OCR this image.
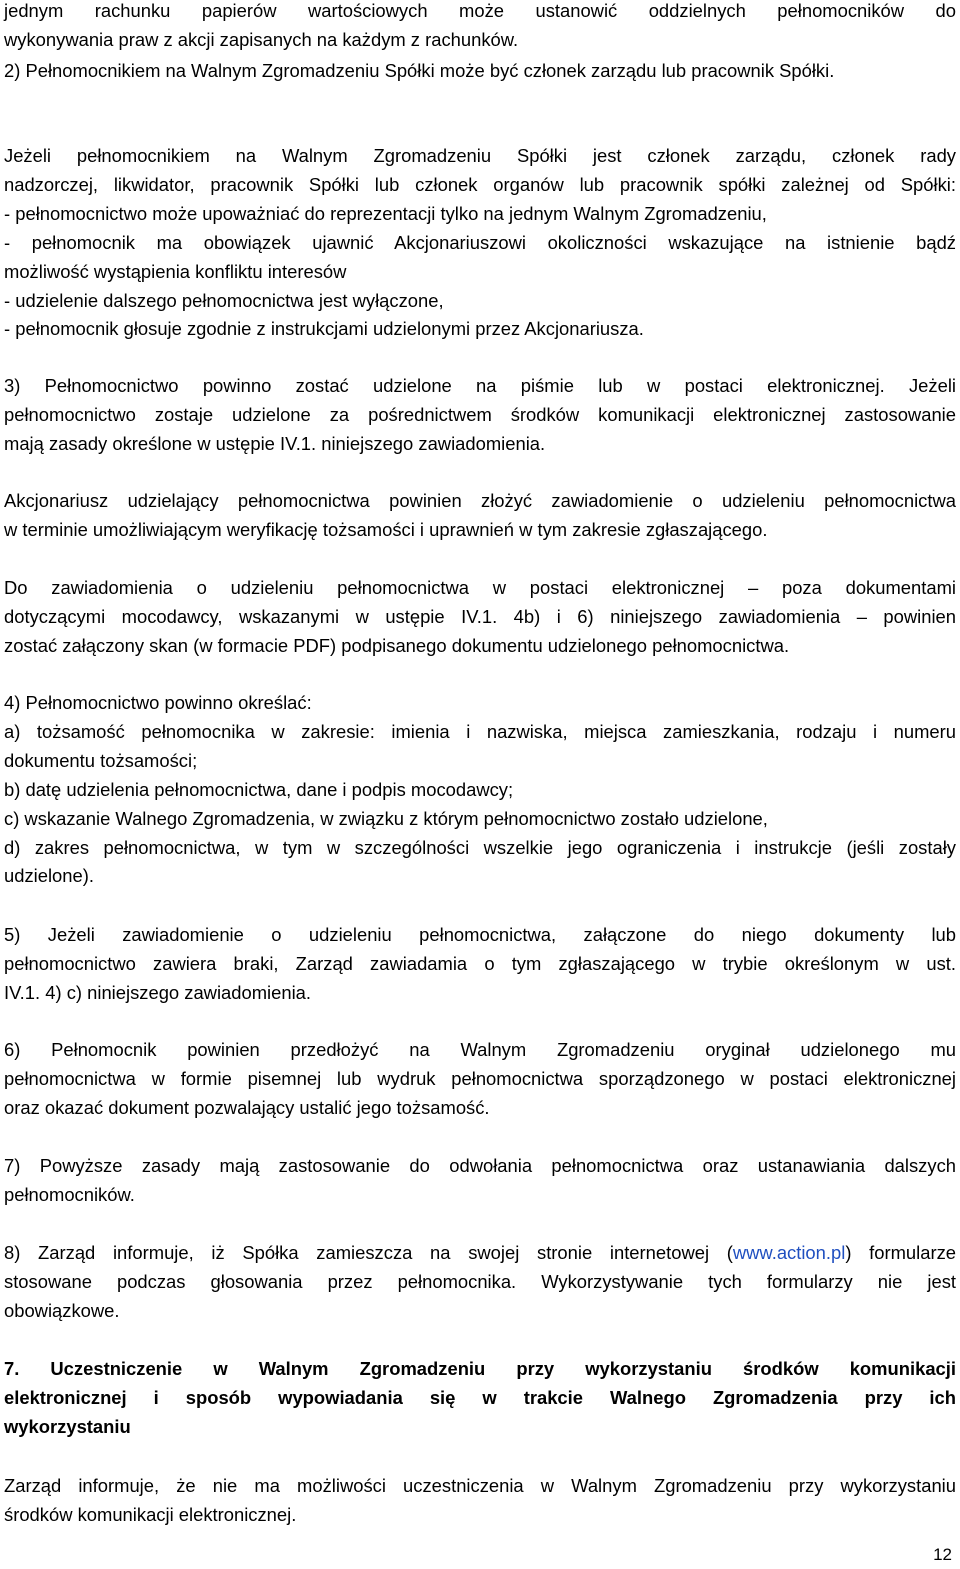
jednym rachunku papierów wartościowych może ustanowić oddzielnych pełnomocników do
wykonywania praw z akcji zapisanych na każdym z rachunków.

2) Pełnomocnikiem na Walnym Zgromadzeniu Spółki może być członek zarządu lub pracownik Spółki.

Jeżeli pełnomocnikiem na Walnym Zgromadzeniu Spółki jest członek zarządu, członek rady
nadzorczej, likwidator, pracownik Spółki lub członek organów lub pracownik spółki zależnej od Spółki:
- pełnomocnictwo może upoważniać do reprezentacji tylko na jednym Walnym Zgromadzeniu,
- pełnomocnik ma obowiązek ujawnić Akcjonariuszowi okoliczności wskazujące na istnienie bądź
możliwość wystąpienia konfliktu interesów
- udzielenie dalszego pełnomocnictwa jest wyłączone,
- pełnomocnik głosuje zgodnie z instrukcjami udzielonymi przez Akcjonariusza.

3) Pełnomocnictwo powinno zostać udzielone na piśmie lub w postaci elektronicznej. Jeżeli
pełnomocnictwo zostaje udzielone za pośrednictwem środków komunikacji elektronicznej zastosowanie
mają zasady określone w ustępie IV.1. niniejszego zawiadomienia.

Akcjonariusz udzielający pełnomocnictwa powinien złożyć zawiadomienie o udzieleniu pełnomocnictwa
w terminie umożliwiającym weryfikację tożsamości i uprawnień w tym zakresie zgłaszającego.

Do zawiadomienia o udzieleniu pełnomocnictwa w postaci elektronicznej – poza dokumentami
dotyczącymi mocodawcy, wskazanymi w ustępie IV.1. 4b) i 6) niniejszego zawiadomienia – powinien
zostać załączony skan (w formacie PDF) podpisanego dokumentu udzielonego pełnomocnictwa.

4) Pełnomocnictwo powinno określać:
a) tożsamość pełnomocnika w zakresie: imienia i nazwiska, miejsca zamieszkania, rodzaju i numeru
dokumentu tożsamości;
b) datę udzielenia pełnomocnictwa, dane i podpis mocodawcy;
c) wskazanie Walnego Zgromadzenia, w związku z którym pełnomocnictwo zostało udzielone,
d) zakres pełnomocnictwa, w tym w szczególności wszelkie jego ograniczenia i instrukcje (jeśli zostały
udzielone).

5) Jeżeli zawiadomienie o udzieleniu pełnomocnictwa, załączone do niego dokumenty lub
pełnomocnictwo zawiera braki, Zarząd zawiadamia o tym zgłaszającego w trybie określonym w ust.
IV.1. 4) c) niniejszego zawiadomienia.

6) Pełnomocnik powinien przedłożyć na Walnym Zgromadzeniu oryginał udzielonego mu
pełnomocnictwa w formie pisemnej lub wydruk pełnomocnictwa sporządzonego w postaci elektronicznej
oraz okazać dokument pozwalający ustalić jego tożsamość.

7) Powyższe zasady mają zastosowanie do odwołania pełnomocnictwa oraz ustanawiania dalszych
pełnomocników.

8) Zarząd informuje, iż Spółka zamieszcza na swojej stronie internetowej (www.action.pl) formularze
stosowane podczas głosowania przez pełnomocnika. Wykorzystywanie tych formularzy nie jest
obowiązkowe.

7. Uczestniczenie w Walnym Zgromadzeniu przy wykorzystaniu środków komunikacji
elektronicznej i sposób wypowiadania się w trakcie Walnego Zgromadzenia przy ich
wykorzystaniu

Zarząd informuje, że nie ma możliwości uczestniczenia w Walnym Zgromadzeniu przy wykorzystaniu
środków komunikacji elektronicznej.

12
